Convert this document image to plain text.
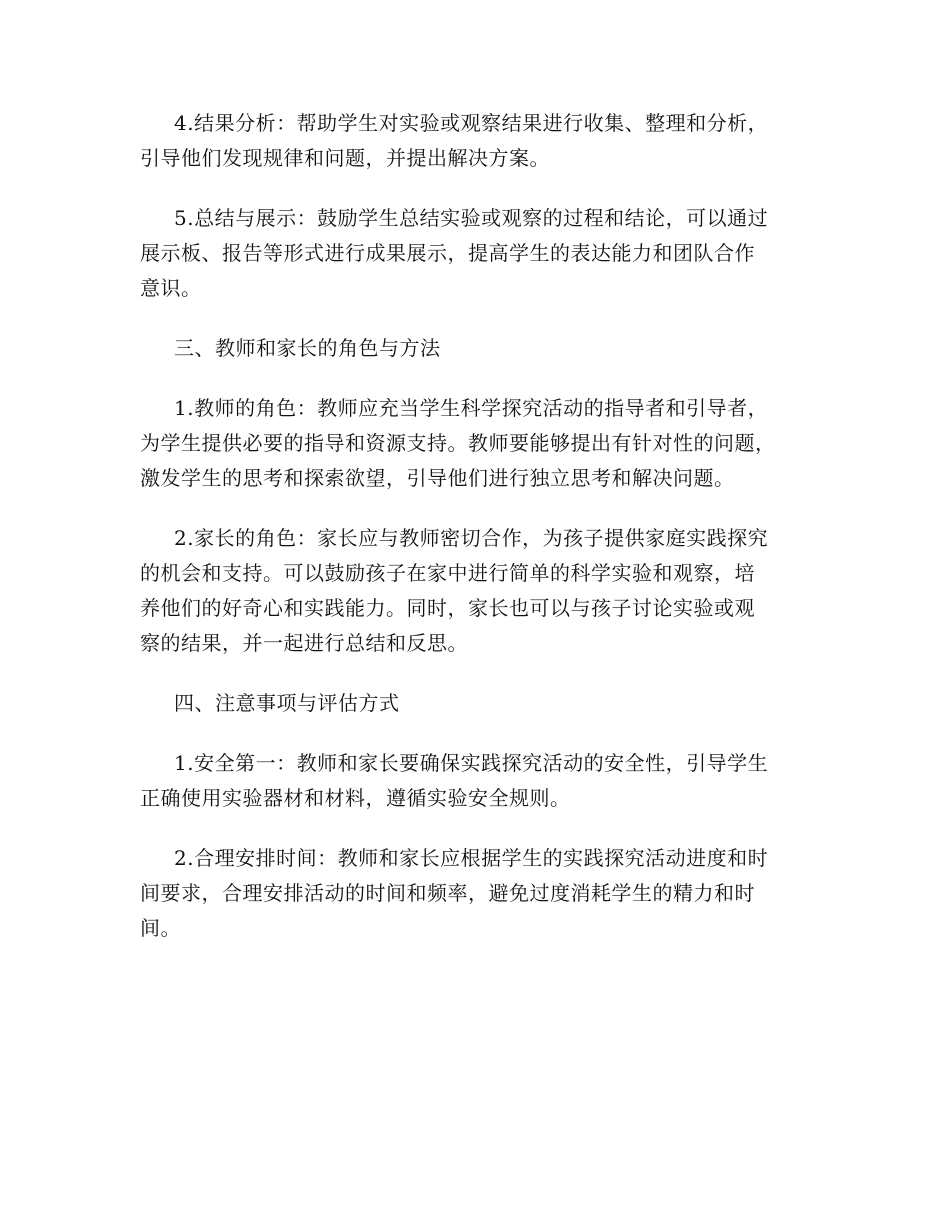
4.结果分析：帮助学生对实验或观察结果进行收集、整理和分析，
引导他们发现规律和问题，并提出解决方案。

5.总结与展示：鼓励学生总结实验或观察的过程和结论，可以通过
展示板、报告等形式进行成果展示，提高学生的表达能力和团队合作
意识。

三、教师和家长的角色与方法

1.教师的角色：教师应充当学生科学探究活动的指导者和引导者，
为学生提供必要的指导和资源支持。教师要能够提出有针对性的问题，
激发学生的思考和探索欲望，引导他们进行独立思考和解决问题。

2.家长的角色：家长应与教师密切合作，为孩子提供家庭实践探究
的机会和支持。可以鼓励孩子在家中进行简单的科学实验和观察，培
养他们的好奇心和实践能力。同时，家长也可以与孩子讨论实验或观
察的结果，并一起进行总结和反思。

四、注意事项与评估方式

1.安全第一：教师和家长要确保实践探究活动的安全性，引导学生
正确使用实验器材和材料，遵循实验安全规则。

2.合理安排时间：教师和家长应根据学生的实践探究活动进度和时
间要求，合理安排活动的时间和频率，避免过度消耗学生的精力和时
间。
